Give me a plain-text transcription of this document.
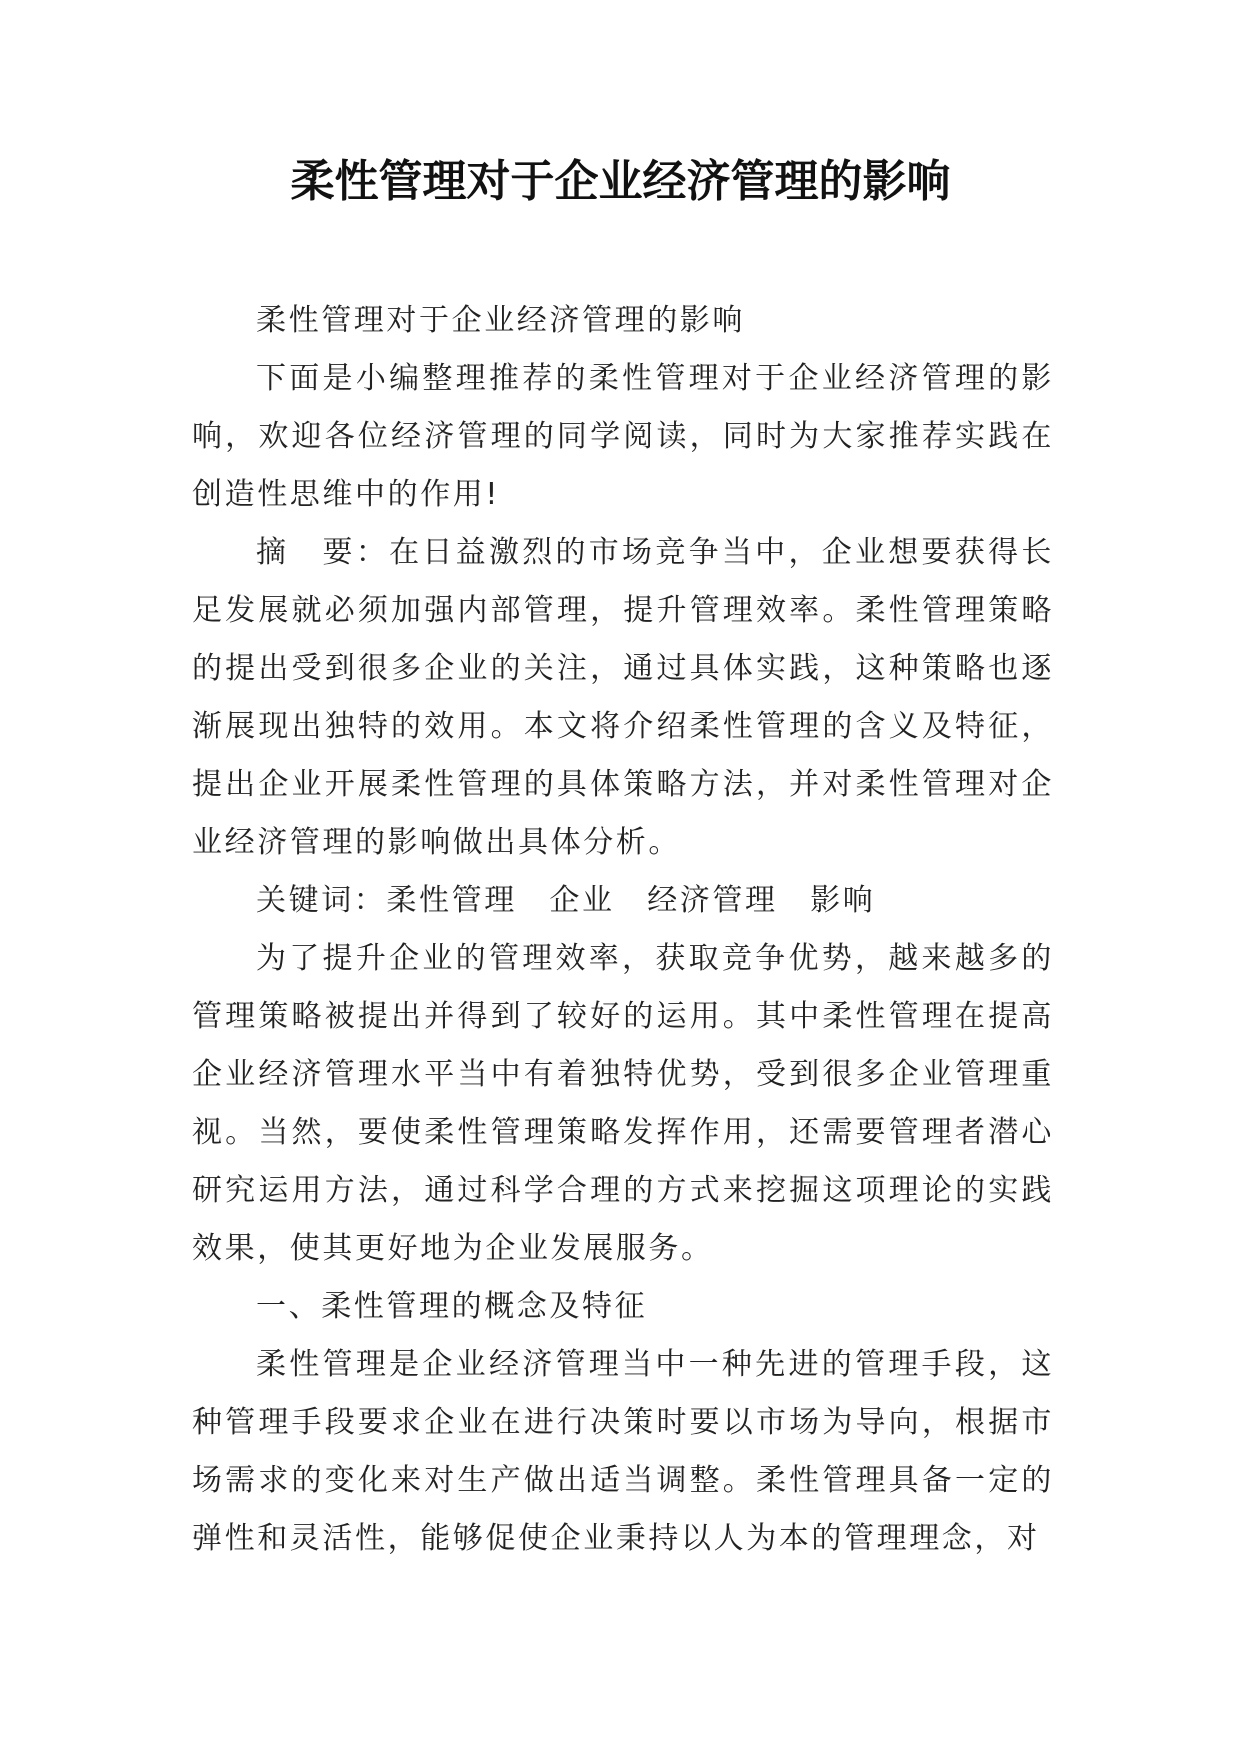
柔性管理对于企业经济管理的影响

柔性管理对于企业经济管理的影响

下面是小编整理推荐的柔性管理对于企业经济管理的影响，欢迎各位经济管理的同学阅读，同时为大家推荐实践在创造性思维中的作用!

摘　要：在日益激烈的市场竞争当中，企业想要获得长足发展就必须加强内部管理，提升管理效率。柔性管理策略的提出受到很多企业的关注，通过具体实践，这种策略也逐渐展现出独特的效用。本文将介绍柔性管理的含义及特征，提出企业开展柔性管理的具体策略方法，并对柔性管理对企业经济管理的影响做出具体分析。

关键词：柔性管理　企业　经济管理　影响

为了提升企业的管理效率，获取竞争优势，越来越多的管理策略被提出并得到了较好的运用。其中柔性管理在提高企业经济管理水平当中有着独特优势，受到很多企业管理重视。当然，要使柔性管理策略发挥作用，还需要管理者潜心研究运用方法，通过科学合理的方式来挖掘这项理论的实践效果，使其更好地为企业发展服务。

一、柔性管理的概念及特征

柔性管理是企业经济管理当中一种先进的管理手段，这种管理手段要求企业在进行决策时要以市场为导向，根据市场需求的变化来对生产做出适当调整。柔性管理具备一定的弹性和灵活性，能够促使企业秉持以人为本的管理理念，对
